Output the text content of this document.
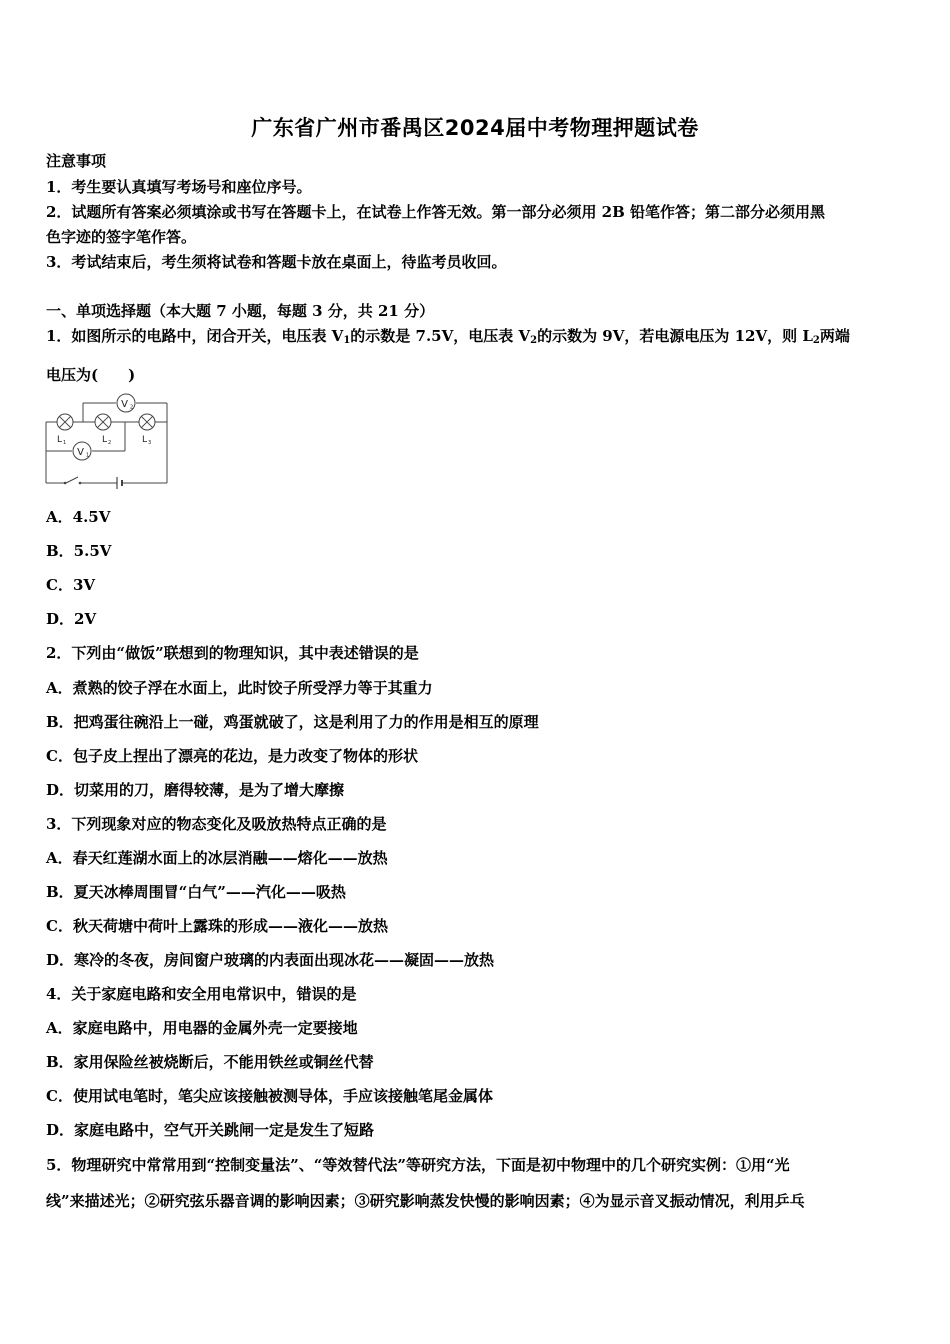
广东省广州市番禺区2024届中考物理押题试卷
注意事项
1．考生要认真填写考场号和座位序号。
2．试题所有答案必须填涂或书写在答题卡上，在试卷上作答无效。第一部分必须用 2B 铅笔作答；第二部分必须用黑
色字迹的签字笔作答。
3．考试结束后，考生须将试卷和答题卡放在桌面上，待监考员收回。
一、单项选择题（本大题 7 小题，每题 3 分，共 21 分）
1．如图所示的电路中，闭合开关，电压表 $V_1$的示数是 7.5V，电压表 $V_2$的示数为 9V，若电源电压为 12V，则 $L_2$两端
电压为(　　)
V 2
V 1
L 1	L 2	L 3
A．4.5V
B．5.5V
C．3V
D．2V
2．下列由“做饭”联想到的物理知识，其中表述错误的是
A．煮熟的饺子浮在水面上，此时饺子所受浮力等于其重力
B．把鸡蛋往碗沿上一碰，鸡蛋就破了，这是利用了力的作用是相互的原理
C．包子皮上捏出了漂亮的花边，是力改变了物体的形状
D．切菜用的刀，磨得较薄，是为了增大摩擦
3．下列现象对应的物态变化及吸放热特点正确的是
A．春天红莲湖水面上的冰层消融——熔化——放热
B．夏天冰棒周围冒“白气”——汽化——吸热
C．秋天荷塘中荷叶上露珠的形成——液化——放热
D．寒冷的冬夜，房间窗户玻璃的内表面出现冰花——凝固——放热
4．关于家庭电路和安全用电常识中，错误的是
A．家庭电路中，用电器的金属外壳一定要接地
B．家用保险丝被烧断后，不能用铁丝或铜丝代替
C．使用试电笔时，笔尖应该接触被测导体，手应该接触笔尾金属体
D．家庭电路中，空气开关跳闸一定是发生了短路
5．物理研究中常常用到“控制变量法”、“等效替代法”等研究方法，下面是初中物理中的几个研究实例：①用“光
线”来描述光；②研究弦乐器音调的影响因素；③研究影响蒸发快慢的影响因素；④为显示音叉振动情况，利用乒乓
